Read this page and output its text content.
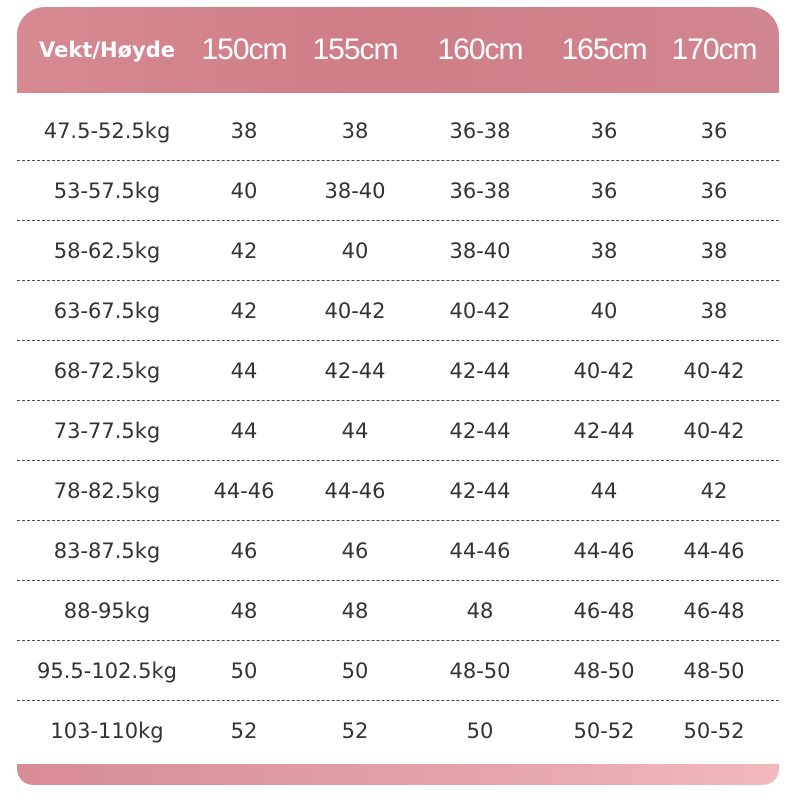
Vekt/Høyde 150cm 155cm	160cm	165cm 170cm
47.5-52.5kg	38	38	36-38	36	36
53-57.5kg	40	38-40	36-38	36	36
58-62.5kg	42	40	38-40	38	38
63-67.5kg	42	40-42	40-42	40	38
68-72.5kg	44	42-44	42-44	40-42	40-42
73-77.5kg	44	44	42-44	42-44	40-42
78-82.5kg	44-46	44-46	42-44	44	42
83-87.5kg	46	46	44-46	44-46	44-46
88-95kg	48	48	48	46-48	46-48
95.5-102.5kg	50	50	48-50	48-50	48-50
103-110kg	52	52	50	50-52	50-52
